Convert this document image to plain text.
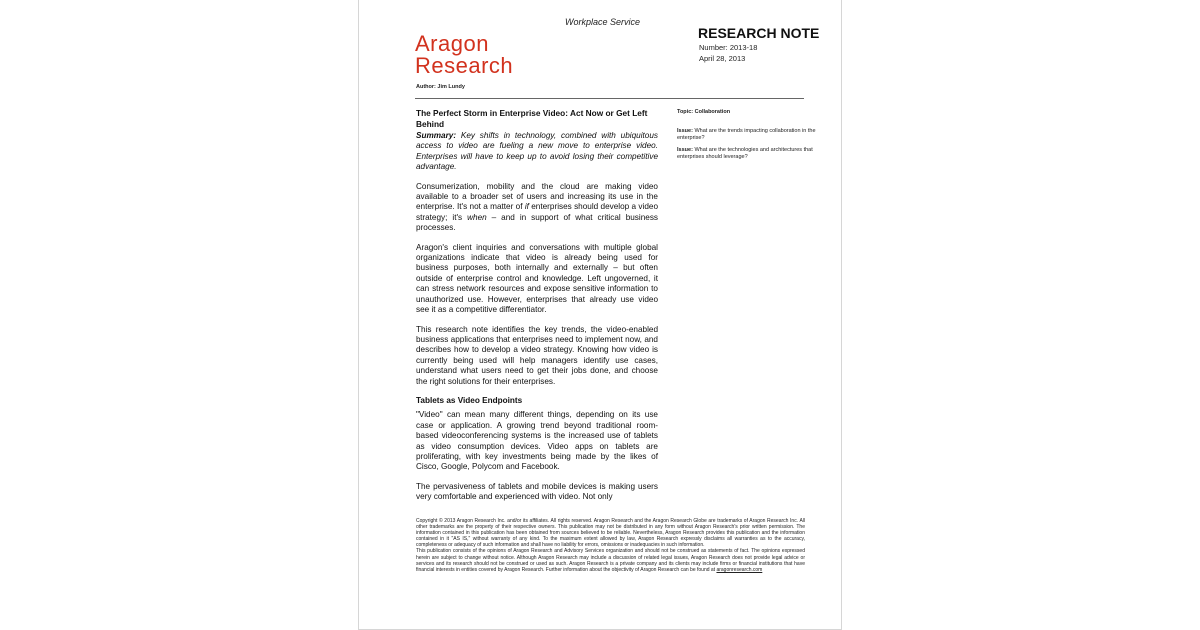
Workplace Service
Aragon
Research
Author: Jim Lundy
RESEARCH NOTE
Number: 2013-18
April 28, 2013
The Perfect Storm in Enterprise Video: Act Now or Get Left Behind

Summary: Key shifts in technology, combined with ubiquitous access to video are fueling a new move to enterprise video. Enterprises will have to keep up to avoid losing their competitive advantage.

Consumerization, mobility and the cloud are making video available to a broader set of users and increasing its use in the enterprise. It's not a matter of if enterprises should develop a video strategy; it's when – and in support of what critical business processes.

Aragon's client inquiries and conversations with multiple global organizations indicate that video is already being used for business purposes, both internally and externally – but often outside of enterprise control and knowledge. Left ungoverned, it can stress network resources and expose sensitive information to unauthorized use. However, enterprises that already use video see it as a competitive differentiator.

This research note identifies the key trends, the video-enabled business applications that enterprises need to implement now, and describes how to develop a video strategy. Knowing how video is currently being used will help managers identify use cases, understand what users need to get their jobs done, and choose the right solutions for their enterprises.

Tablets as Video Endpoints

"Video" can mean many different things, depending on its use case or application. A growing trend beyond traditional room-based videoconferencing systems is the increased use of tablets as video consumption devices. Video apps on tablets are proliferating, with key investments being made by the likes of Cisco, Google, Polycom and Facebook.

The pervasiveness of tablets and mobile devices is making users very comfortable and experienced with video. Not only

Topic: Collaboration
Issue: What are the trends impacting collaboration in the enterprise?
Issue: What are the technologies and architectures that enterprises should leverage?

Copyright © 2013 Aragon Research Inc. and/or its affiliates. All rights reserved. Aragon Research and the Aragon Research Globe are trademarks of Aragon Research Inc. All other trademarks are the property of their respective owners. This publication may not be distributed in any form without Aragon Research's prior written permission. The information contained in this publication has been obtained from sources believed to be reliable. Nevertheless, Aragon Research provides this publication and the information contained in it "AS IS," without warranty of any kind. To the maximum extent allowed by law, Aragon Research expressly disclaims all warranties as to the accuracy, completeness or adequacy of such information and shall have no liability for errors, omissions or inadequacies in such information.

This publication consists of the opinions of Aragon Research and Advisory Services organization and should not be construed as statements of fact. The opinions expressed herein are subject to change without notice. Although Aragon Research may include a discussion of related legal issues, Aragon Research does not provide legal advice or services and its research should not be construed or used as such. Aragon Research is a private company and its clients may include firms or financial institutions that have financial interests in entities covered by Aragon Research. Further information about the objectivity of Aragon Research can be found at aragonresearch.com
